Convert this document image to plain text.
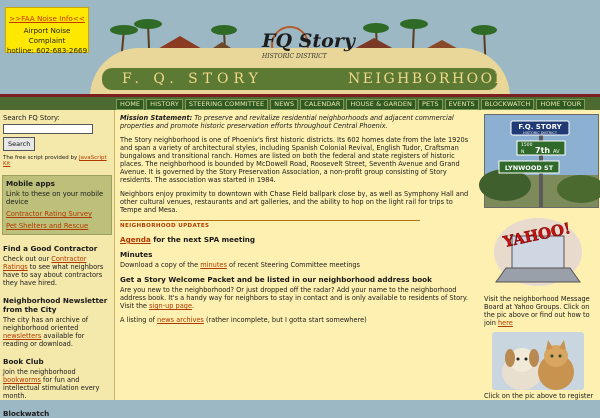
>>FAA Noise Info<<
Airport Noise Complaint
hotline: 602-683-2669
F. Q. STORY	NEIGHBORHOOD
FQ Story
HISTORIC DISTRICT
HOME	HISTORY	STEERING COMMITTEE	NEWS	CALENDAR	HOUSE & GARDEN	PETS	EVENTS	BLOCKWATCH	HOME TOUR
Search FQ Story:
Search
The free script provided by JavaScript Kit
Mobile apps

Link to these on your mobile device

Contractor Rating Survey
Pet Shelters and Rescue
Find a Good Contractor
Check out our Contractor Ratings to see what neighbors have to say about contractors they have hired.
Neighborhood Newsletter from the City
The city has an archive of neighborhood oriented newsletters available for reading or download.
Book Club
Join the neighborhood bookworms for fun and intellectual stimulation every month.
Blockwatch

Mission Statement: To preserve and revitalize residential neighborhoods and adjacent commercial properties and promote historic preservation efforts throughout Central Phoenix.

The Story neighborhood is one of Phoenix's first historic districts. Its 602 homes date from the late 1920s and span a variety of architectural styles, including Spanish Colonial Revival, English Tudor, Craftsman bungalows and transitional ranch. Homes are listed on both the federal and state registers of historic places. The neighborhood is bounded by McDowell Road, Roosevelt Street, Seventh Avenue and Grand Avenue. It is governed by the Story Preservation Association, a non-profit group consisting of Story residents. The association was started in 1984.

Neighbors enjoy proximity to downtown with Chase Field ballpark close by, as well as Symphony Hall and other cultural venues, restaurants and art galleries, and the ability to hop on the light rail for trips to Tempe and Mesa.

NEIGHBORHOOD UPDATES
Agenda for the next SPA meeting
Minutes
Download a copy of the minutes of recent Steering Committee meetings
Get a Story Welcome Packet and be listed in our neighborhood address book
Are you new to the neighborhood? Or just dropped off the radar? Add your name to the neighborhood address book. It's a handy way for neighbors to stay in contact and is only available to residents of Story. Visit the sign-up page.
A listing of news archives (rather incomplete, but I gotta start somewhere)
F.Q. STORY
HISTORIC DISTRICT
1500
N 7th AV
LYNWOOD ST
YAHOO!
Visit the neighborhood Message Board at Yahoo Groups. Click on the pic above or find out how to join here
Click on the pic above to register
